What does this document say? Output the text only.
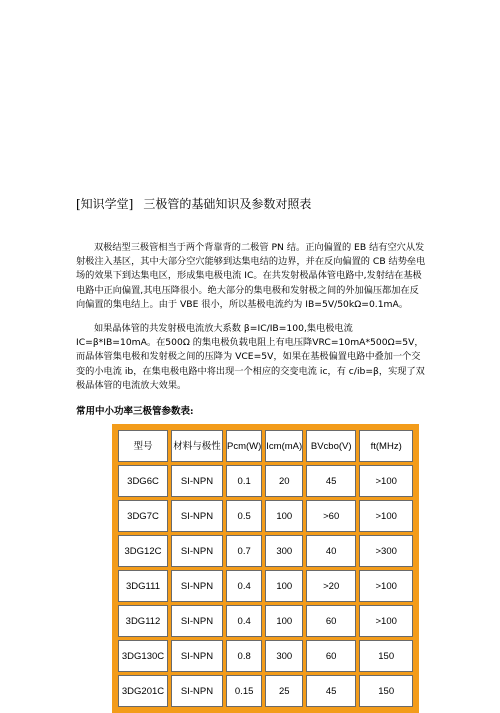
[知识学堂] 三极管的基础知识及参数对照表

双极结型三极管相当于两个背靠背的二极管 PN 结。正向偏置的 EB 结有空穴从发射极注入基区，其中大部分空穴能够到达集电结的边界，并在反向偏置的 CB 结势垒电场的效果下到达集电区，形成集电极电流 IC。在共发射极晶体管电路中,发射结在基极电路中正向偏置,其电压降很小。绝大部分的集电极和发射极之间的外加偏压都加在反向偏置的集电结上。由于 VBE 很小，所以基极电流约为 IB=5V/50kΩ=0.1mA。

如果晶体管的共发射极电流放大系数 β=IC/IB=100,集电极电流IC=β*IB=10mA。在500Ω 的集电极负载电阻上有电压降VRC=10mA*500Ω=5V，而晶体管集电极和发射极之间的压降为 VCE=5V，如果在基极偏置电路中叠加一个交变的小电流 ib，在集电极电路中将出现一个相应的交变电流 ic，有 c/ib=β，实现了双极晶体管的电流放大效果。

常用中小功率三极管参数表:
型号	材料与极性	Pcm(W)	Icm(mA)	BVcbo(V)	ft(MHz)
3DG6C	SI-NPN	0.1	20	45	>100
3DG7C	SI-NPN	0.5	100	>60	>100
3DG12C	SI-NPN	0.7	300	40	>300
3DG111	SI-NPN	0.4	100	>20	>100
3DG112	SI-NPN	0.4	100	60	>100
3DG130C	SI-NPN	0.8	300	60	150
3DG201C	SI-NPN	0.15	25	45	150
